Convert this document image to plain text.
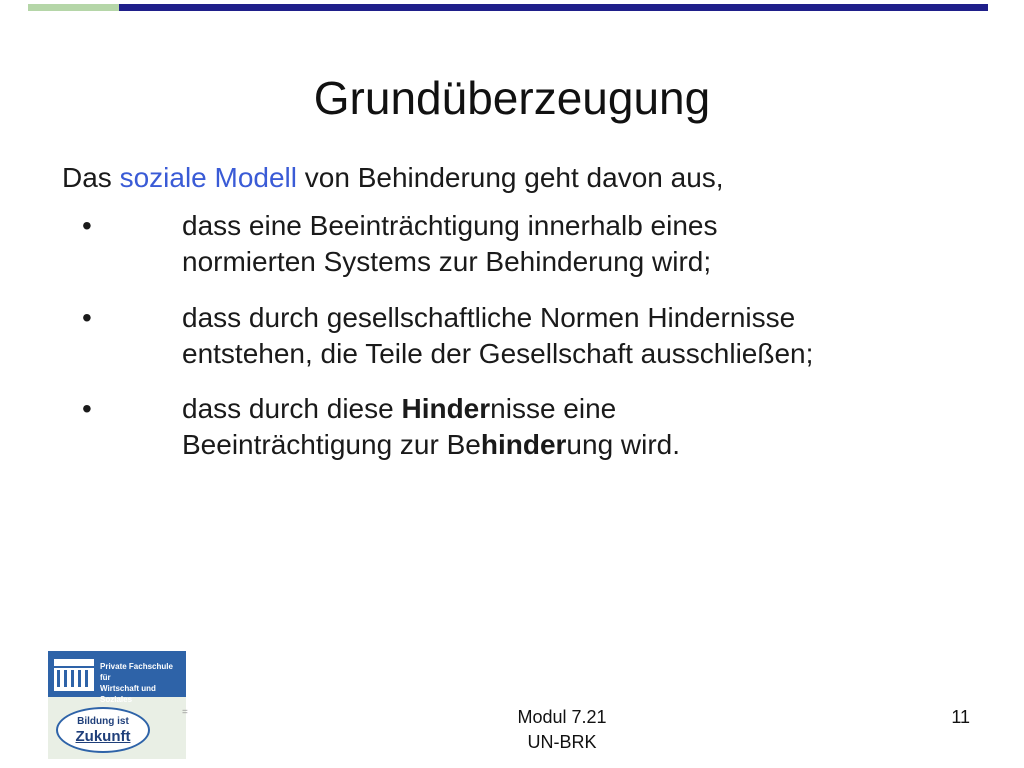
Grundüberzeugung
Das soziale Modell von Behinderung geht davon aus,
•	dass eine Beeinträchtigung innerhalb eines
normierten Systems zur Behinderung wird;
•	dass durch gesellschaftliche Normen Hindernisse
entstehen, die Teile der Gesellschaft ausschließen;
•	dass durch diese Hindernisse eine
Beeinträchtigung zur Behinderung wird.
Private Fachschule für
Wirtschaft und Soziales
Bildung ist
Zukunft
=	Modul 7.21
UN-BRK
11
